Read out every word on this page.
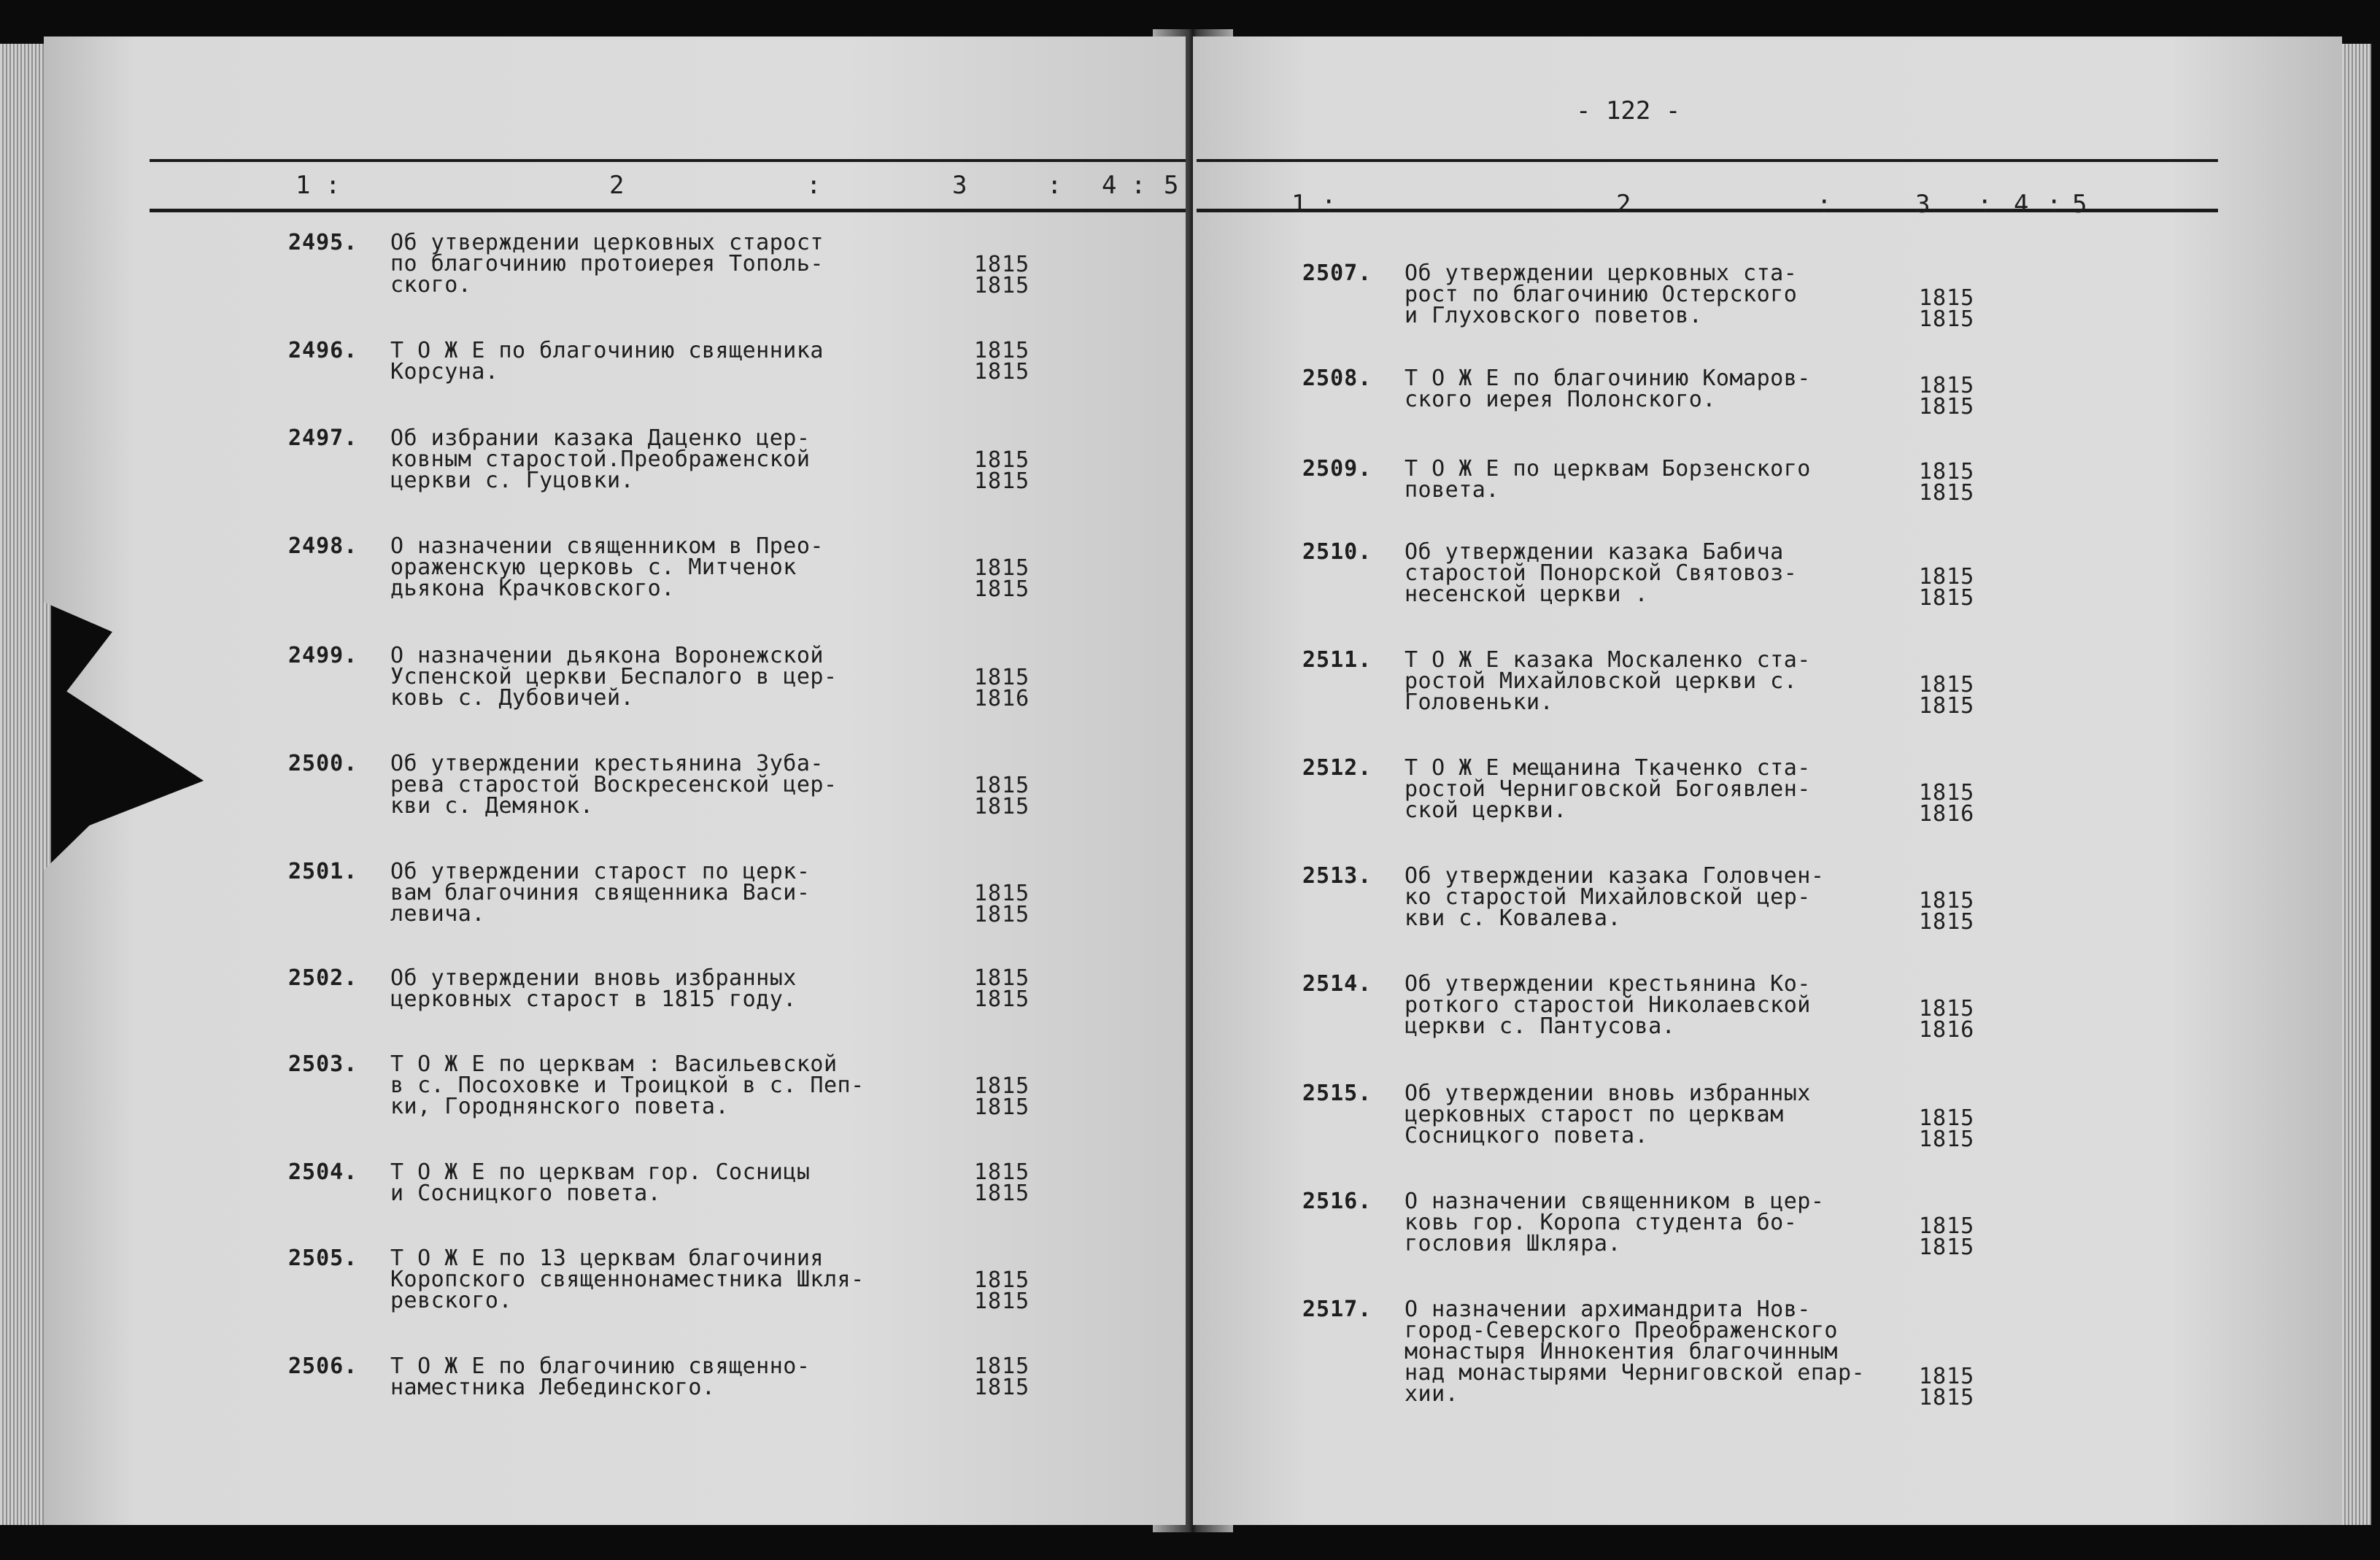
- 122 -
1 :	2	:	3	: 4 : 5
1 :	2	:	3 : 4 : 5
2495. Об утверждении церковных старост
по благочинию протоиерея Тополь-
ского.
1815
1815
2496. Т О Ж Е по благочинию священника
Корсуна.
1815
1815
2497. Об избрании казака Даценко цер-
ковным старостой.Преображенской
церкви с. Гуцовки.
1815
1815
2498. О назначении священником в Прео-
ораженскую церковь с. Митченок
дьякона Крачковского.
1815
1815
2499. О назначении дьякона Воронежской
Успенской церкви Беспалого в цер-
ковь с. Дубовичей.
1815
1816
2500. Об утверждении крестьянина Зуба-
рева старостой Воскресенской цер-
кви с. Демянок.
1815
1815
2501. Об утверждении старост по церк-
вам благочиния священника Васи-
левича.
1815
1815
2502. Об утверждении вновь избранных
церковных старост в 1815 году.
1815
1815
2503. Т О Ж Е по церквам : Васильевской
в с. Посоховке и Троицкой в с. Пеп-
ки, Городнянского повета.
1815
1815
2504. Т О Ж Е по церквам гор. Сосницы
и Сосницкого повета.
1815
1815
2505. Т О Ж Е по 13 церквам благочиния
Коропского священнонаместника Шкля-
ревского.
1815
1815
2506. Т О Ж Е по благочинию священно-
наместника Лебединского.
1815
1815
2507. Об утверждении церковных ста-
рост по благочинию Остерского
и Глуховского поветов.
1815
1815
2508. Т О Ж Е по благочинию Комаров-
ского иерея Полонского.
1815
1815
2509. Т О Ж Е по церквам Борзенского
повета.
1815
1815
2510. Об утверждении казака Бабича
старостой Понорской Святовоз-
несенской церкви .
1815
1815
2511. Т О Ж Е казака Москаленко ста-
ростой Михайловской церкви с.
Головеньки.
1815
1815
2512. Т О Ж Е мещанина Ткаченко ста-
ростой Черниговской Богоявлен-
ской церкви.
1815
1816
2513. Об утверждении казака Головчен-
ко старостой Михайловской цер-
кви с. Ковалева.
1815
1815
2514. Об утверждении крестьянина Ко-
роткого старостой Николаевской
церкви с. Пантусова.
1815
1816
2515. Об утверждении вновь избранных
церковных старост по церквам
Сосницкого повета.
1815
1815
2516. О назначении священником в цер-
ковь гор. Коропа студента бо-
гословия Шкляра.
1815
1815
2517. О назначении архимандрита Нов-
город-Северского Преображенского
монастыря Иннокентия благочинным
над монастырями Черниговской епар-
хии.
1815
1815
